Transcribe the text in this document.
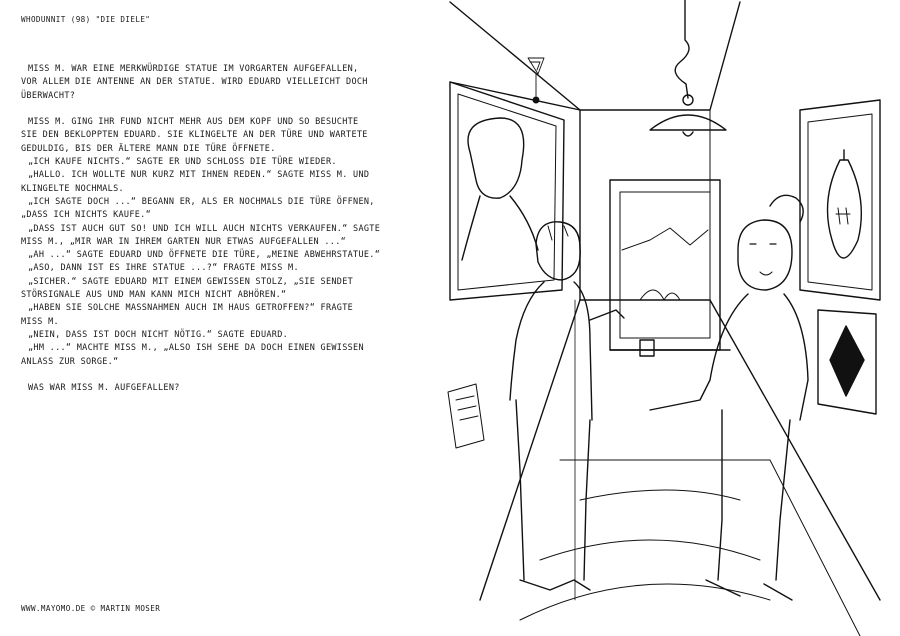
WHODUNNIT (98) "DIE DIELE"

MISS M. WAR EINE MERKWÜRDIGE STATUE IM VORGARTEN AUFGEFALLEN,

VOR ALLEM DIE ANTENNE AN DER STATUE. WIRD EDUARD VIELLEICHT DOCH

ÜBERWACHT?

MISS M. GING IHR FUND NICHT MEHR AUS DEM KOPF UND SO BESUCHTE

SIE DEN BEKLOPPTEN EDUARD. SIE KLINGELTE AN DER TÜRE UND WARTETE

GEDULDIG, BIS DER ÄLTERE MANN DIE TÜRE ÖFFNETE.

„ICH KAUFE NICHTS.“ SAGTE ER UND SCHLOSS DIE TÜRE WIEDER.

„HALLO. ICH WOLLTE NUR KURZ MIT IHNEN REDEN.“ SAGTE MISS M. UND

KLINGELTE NOCHMALS.

„ICH SAGTE DOCH ...“ BEGANN ER, ALS ER NOCHMALS DIE TÜRE ÖFFNEN,

„DASS ICH NICHTS KAUFE.“

„DASS IST AUCH GUT SO! UND ICH WILL AUCH NICHTS VERKAUFEN.“ SAGTE

MISS M., „MIR WAR IN IHREM GARTEN NUR ETWAS AUFGEFALLEN ...“

„AH ...“ SAGTE EDUARD UND ÖFFNETE DIE TÜRE, „MEINE ABWEHRSTATUE.“

„ASO, DANN IST ES IHRE STATUE ...?“ FRAGTE MISS M.

„SICHER.“ SAGTE EDUARD MIT EINEM GEWISSEN STOLZ, „SIE SENDET

STÖRSIGNALE AUS UND MAN KANN MICH NICHT ABHÖREN.“

„HABEN SIE SOLCHE MASSNAHMEN AUCH IM HAUS GETROFFEN?“ FRAGTE

MISS M.

„NEIN, DASS IST DOCH NICHT NÖTIG.“ SAGTE EDUARD.

„HM ...“ MACHTE MISS M., „ALSO ISH SEHE DA DOCH EINEN GEWISSEN

ANLASS ZUR SORGE.“

WAS WAR MISS M. AUFGEFALLEN?

WWW.MAYOMO.DE © MARTIN MOSER
